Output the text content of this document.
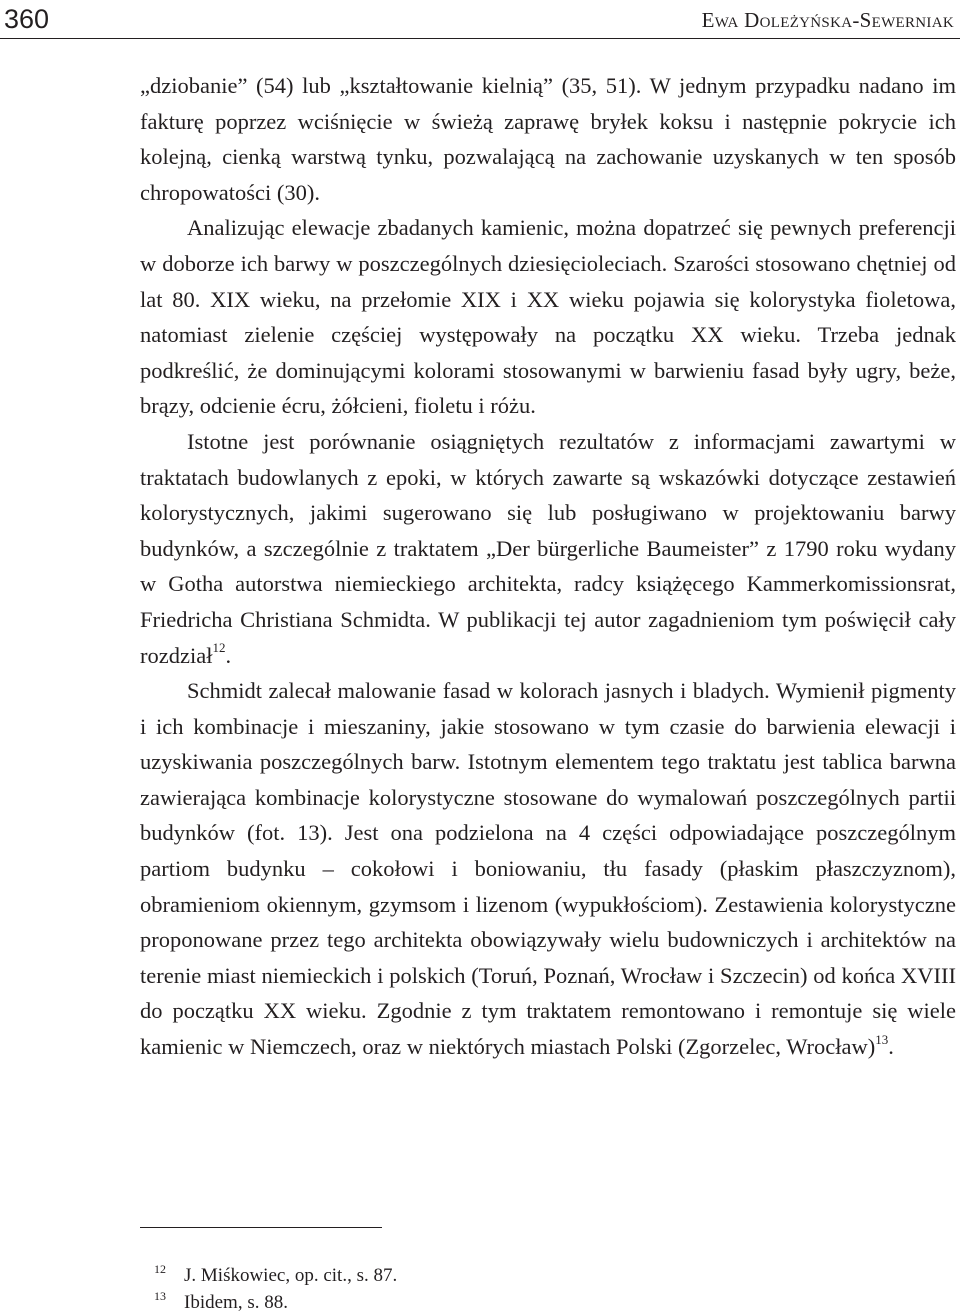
360	Ewa Doleżyńska-Sewerniak

„dziobanie” (54) lub „kształtowanie kielnią” (35, 51). W jednym przypadku nadano im fakturę poprzez wciśnięcie w świeżą zaprawę bryłek koksu i następnie pokrycie ich kolejną, cienką warstwą tynku, pozwalającą na zachowanie uzyskanych w ten sposób chropowatości (30).

Analizując elewacje zbadanych kamienic, można dopatrzeć się pewnych preferencji w doborze ich barwy w poszczególnych dziesięcioleciach. Szarości stosowano chętniej od lat 80. XIX wieku, na przełomie XIX i XX wieku pojawia się kolorystyka fioletowa, natomiast zielenie częściej występowały na początku XX wieku. Trzeba jednak podkreślić, że dominującymi kolorami stosowanymi w barwieniu fasad były ugry, beże, brązy, odcienie écru, żółcieni, fioletu i różu.

Istotne jest porównanie osiągniętych rezultatów z informacjami zawartymi w traktatach budowlanych z epoki, w których zawarte są wskazówki dotyczące zestawień kolorystycznych, jakimi sugerowano się lub posługiwano w projektowaniu barwy budynków, a szczególnie z traktatem „Der bürgerliche Baumeister” z 1790 roku wydany w Gotha autorstwa niemieckiego architekta, radcy książęcego Kammerkomissionsrat, Friedricha Christiana Schmidta. W publikacji tej autor zagadnieniom tym poświęcił cały rozdział$^{12}$.

Schmidt zalecał malowanie fasad w kolorach jasnych i bladych. Wymienił pigmenty i ich kombinacje i mieszaniny, jakie stosowano w tym czasie do barwienia elewacji i uzyskiwania poszczególnych barw. Istotnym elementem tego traktatu jest tablica barwna zawierająca kombinacje kolorystyczne stosowane do wymalowań poszczególnych partii budynków (fot. 13). Jest ona podzielona na 4 części odpowiadające poszczególnym partiom budynku – cokołowi i boniowaniu, tłu fasady (płaskim płaszczyznom), obramieniom okiennym, gzymsom i lizenom (wypukłościom). Zestawienia kolorystyczne proponowane przez tego architekta obowiązywały wielu budowniczych i architektów na terenie miast niemieckich i polskich (Toruń, Poznań, Wrocław i Szczecin) od końca XVIII do początku XX wieku. Zgodnie z tym traktatem remontowano i remontuje się wiele kamienic w Niemczech, oraz w niektórych miastach Polski (Zgorzelec, Wrocław)$^{13}$.

12 J. Miśkowiec, op. cit., s. 87.
13 Ibidem, s. 88.
